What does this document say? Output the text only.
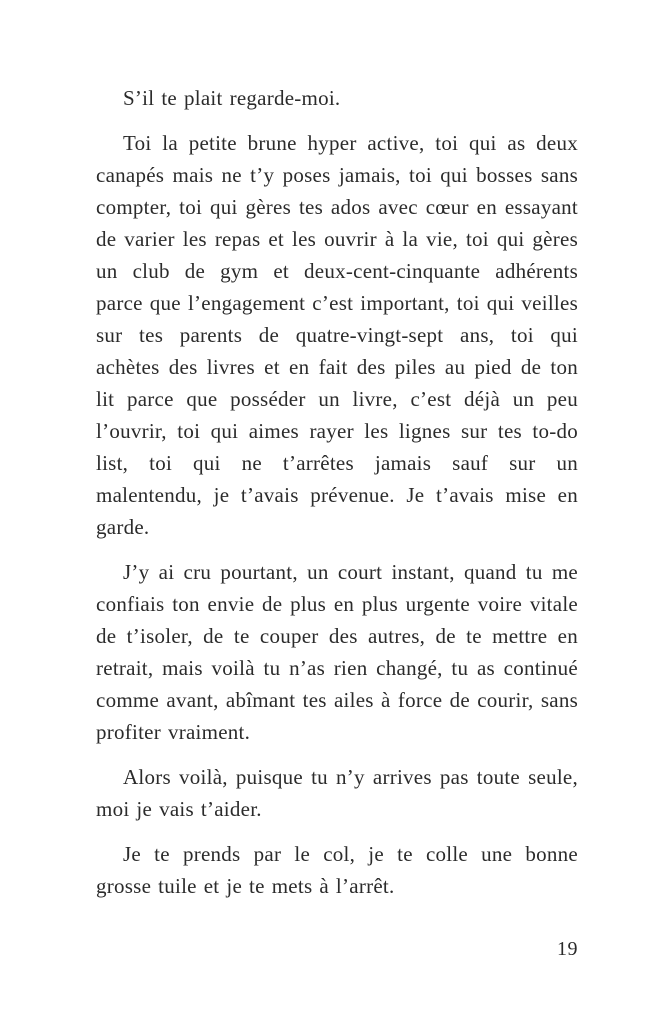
S’il te plait regarde-moi.

Toi la petite brune hyper active, toi qui as deux canapés mais ne t’y poses jamais, toi qui bosses sans compter, toi qui gères tes ados avec cœur en essayant de varier les repas et les ouvrir à la vie, toi qui gères un club de gym et deux-cent-cinquante adhérents parce que l’engagement c’est important, toi qui veilles sur tes parents de quatre-vingt-sept ans, toi qui achètes des livres et en fait des piles au pied de ton lit parce que posséder un livre, c’est déjà un peu l’ouvrir, toi qui aimes rayer les lignes sur tes to-do list, toi qui ne t’arrêtes jamais sauf sur un malentendu, je t’avais prévenue. Je t’avais mise en garde.

J’y ai cru pourtant, un court instant, quand tu me confiais ton envie de plus en plus urgente voire vitale de t’isoler, de te couper des autres, de te mettre en retrait, mais voilà tu n’as rien changé, tu as continué comme avant, abîmant tes ailes à force de courir, sans profiter vraiment.

Alors voilà, puisque tu n’y arrives pas toute seule, moi je vais t’aider.

Je te prends par le col, je te colle une bonne grosse tuile et je te mets à l’arrêt.

19
